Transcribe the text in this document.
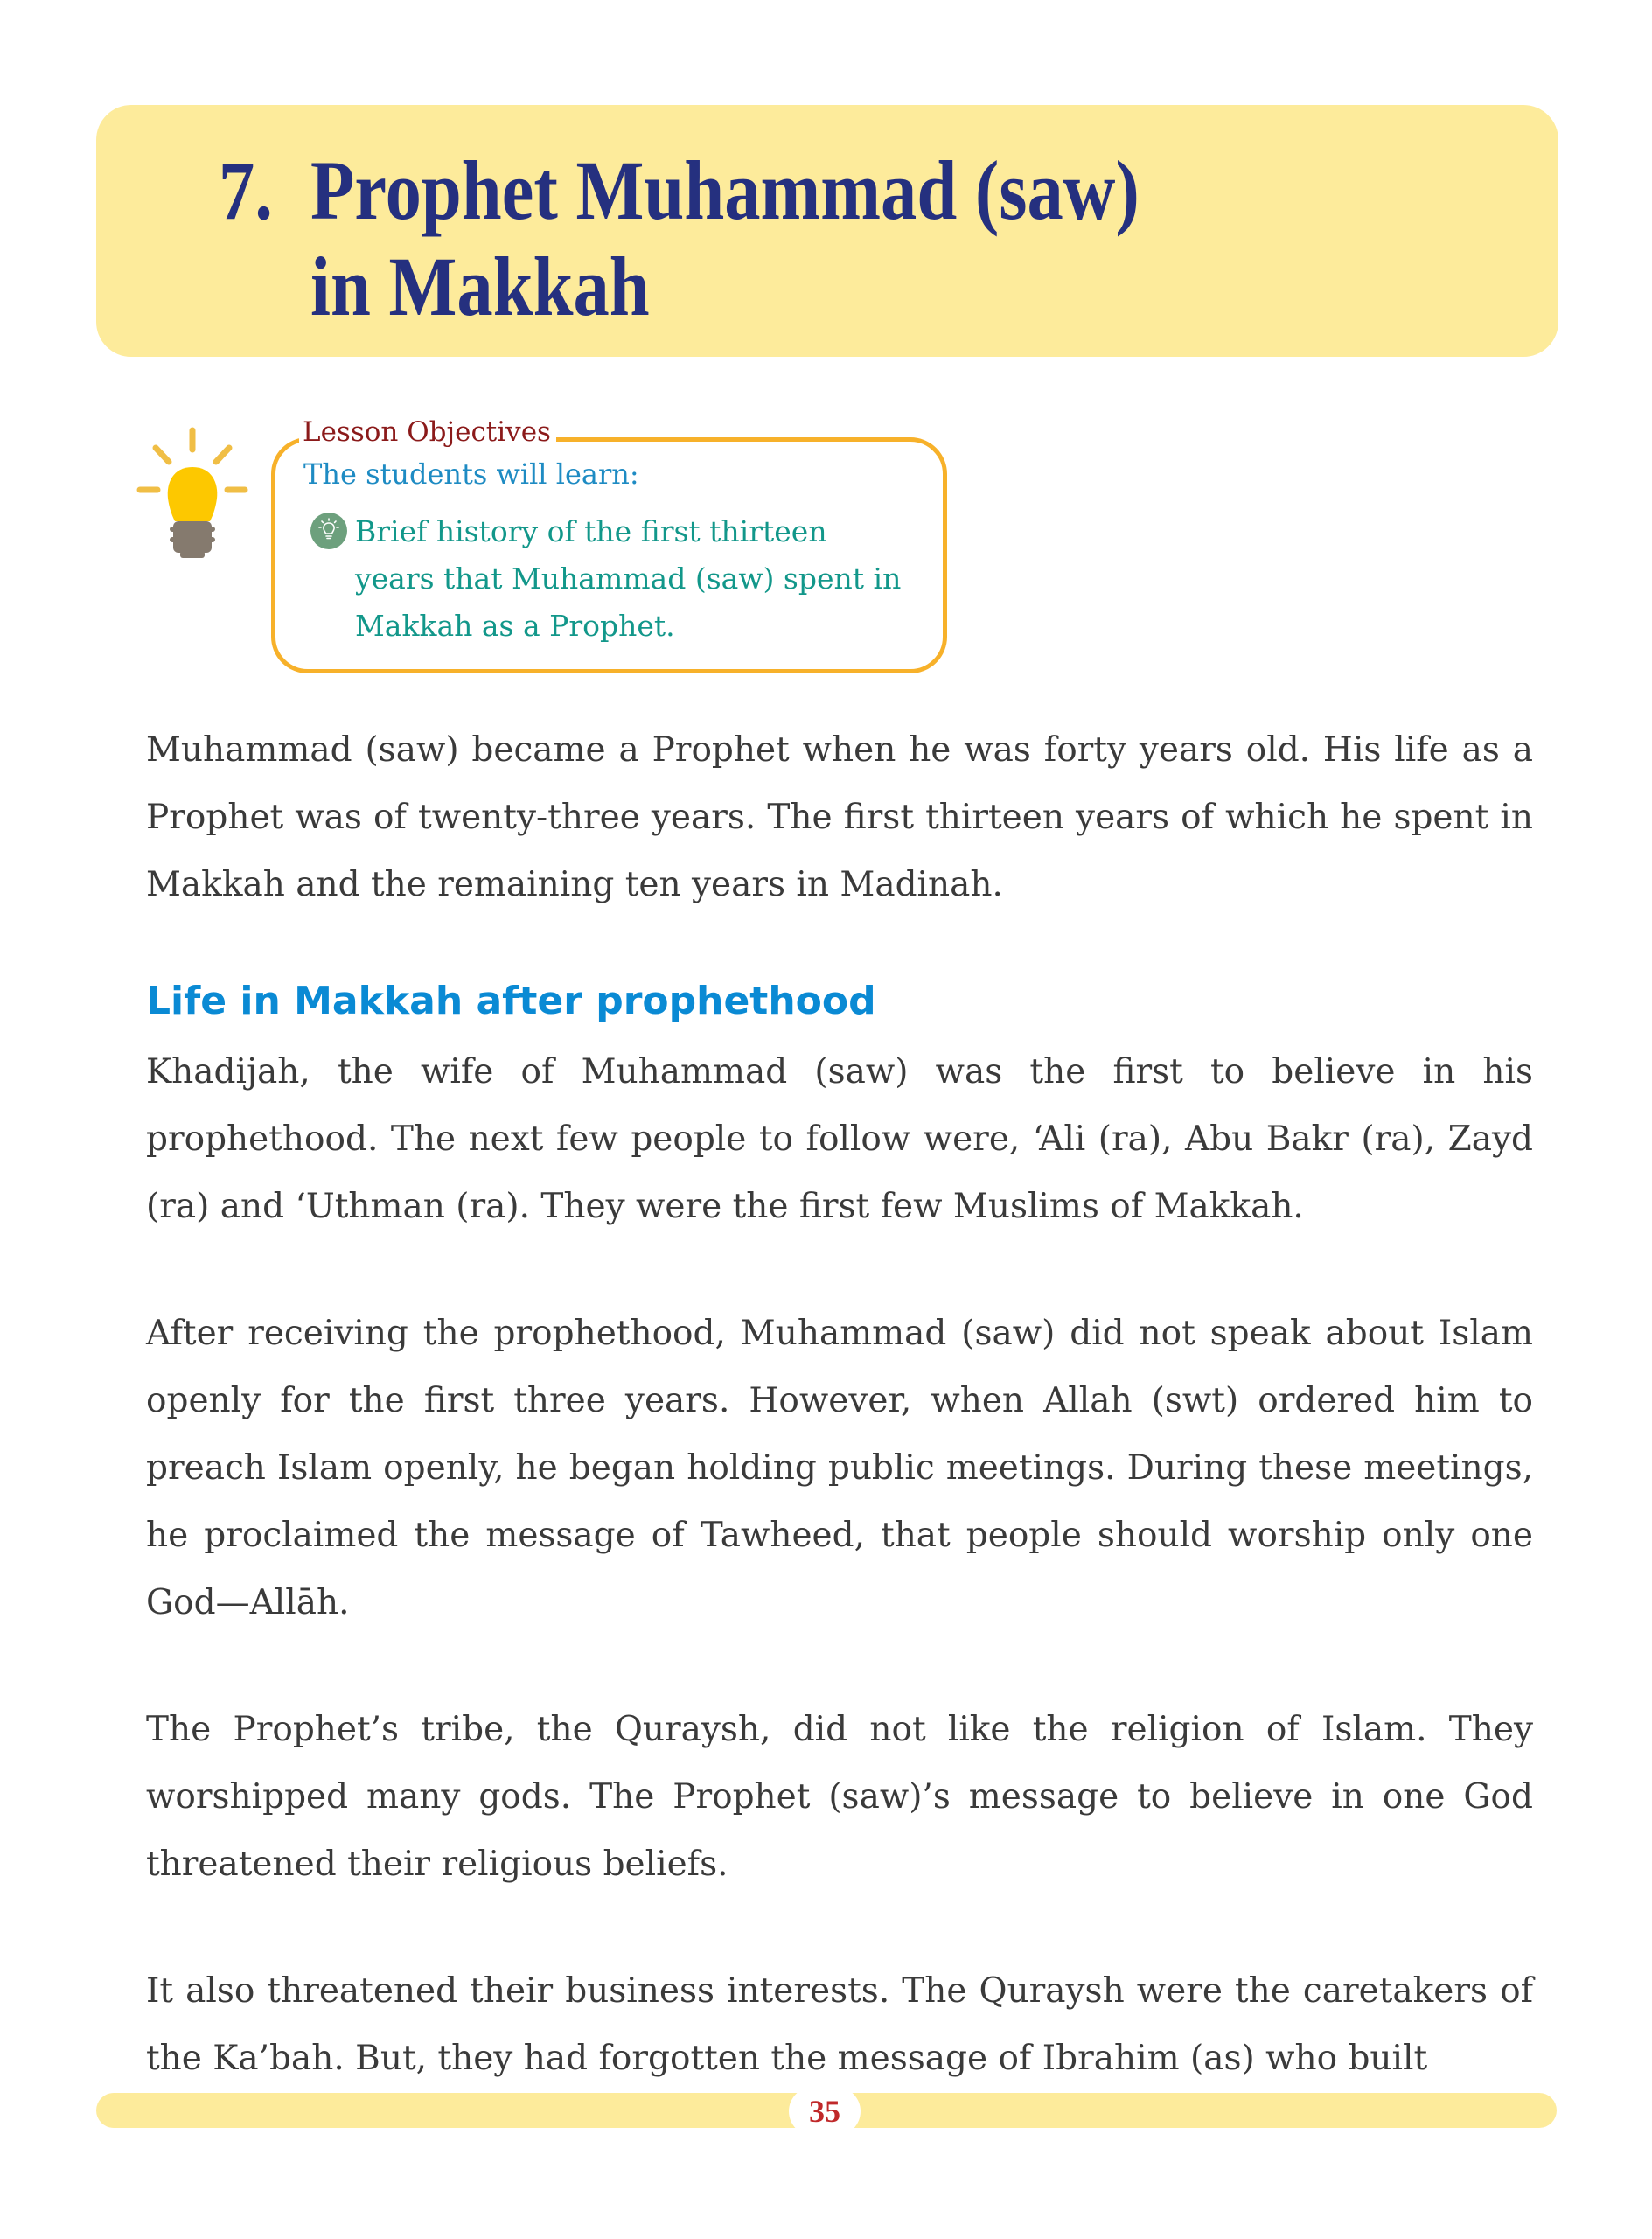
7. Prophet Muhammad (saw)
in Makkah
Lesson Objectives
The students will learn:
Brief history of the first thirteen years that Muhammad (saw) spent in Makkah as a Prophet.

Muhammad (saw) became a Prophet when he was forty years old. His life as a Prophet was of twenty-three years. The first thirteen years of which he spent in Makkah and the remaining ten years in Madinah.

Life in Makkah after prophethood

Khadijah, the wife of Muhammad (saw) was the first to believe in his prophethood. The next few people to follow were, ‘Ali (ra), Abu Bakr (ra), Zayd (ra) and ‘Uthman (ra). They were the first few Muslims of Makkah.

After receiving the prophethood, Muhammad (saw) did not speak about Islam openly for the first three years. However, when Allah (swt) ordered him to preach Islam openly, he began holding public meetings. During these meetings, he proclaimed the message of Tawheed, that people should worship only one God—Allāh.

The Prophet’s tribe, the Quraysh, did not like the religion of Islam. They worshipped many gods. The Prophet (saw)’s message to believe in one God threatened their religious beliefs.

It also threatened their business interests. The Quraysh were the caretakers of the Ka’bah. But, they had forgotten the message of Ibrahim (as) who built

35
